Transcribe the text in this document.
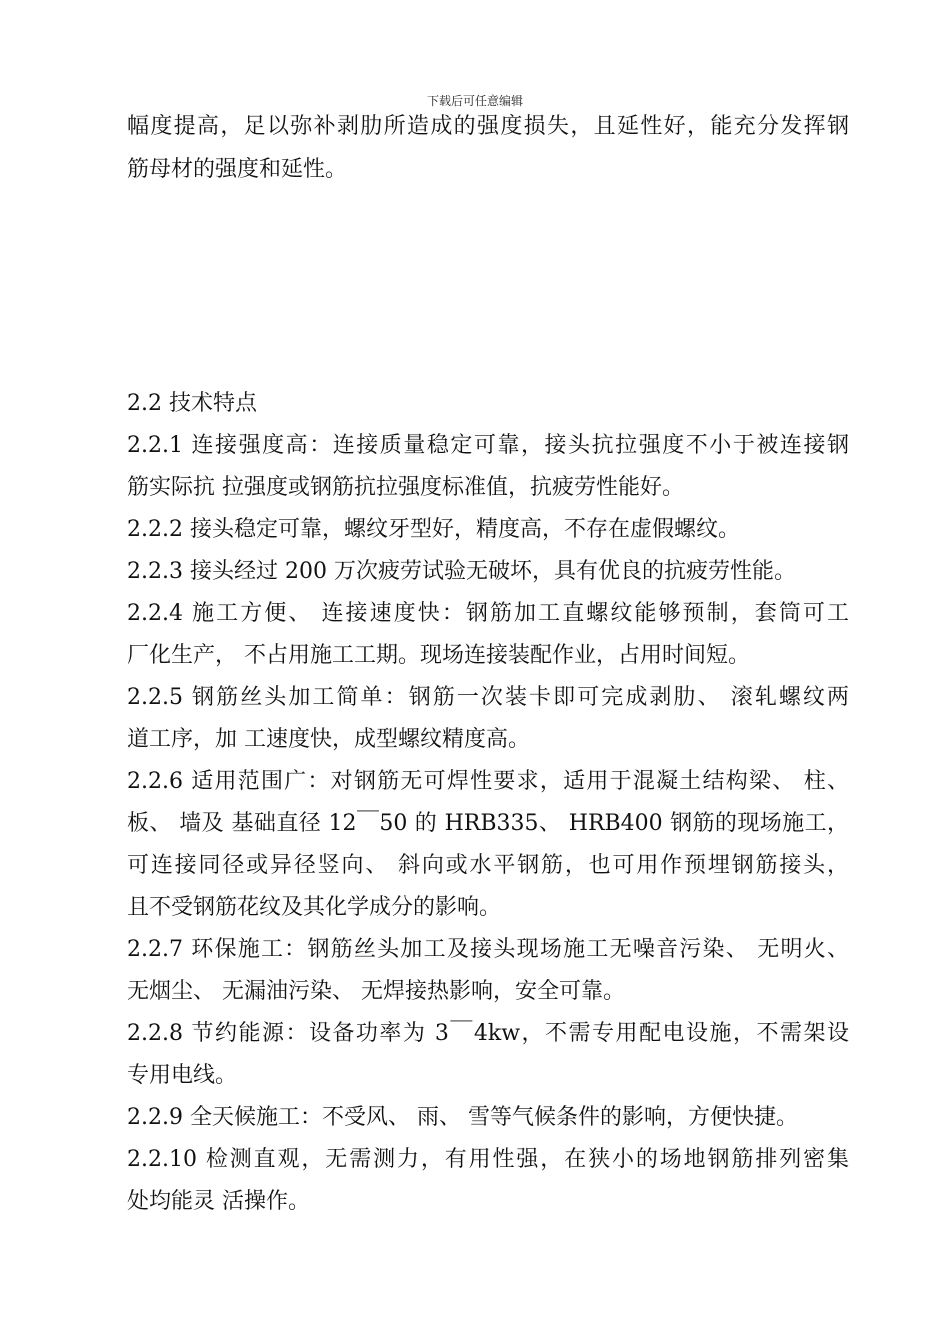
下载后可任意编辑
幅度提高，足以弥补剥肋所造成的强度损失，且延性好，能充分发挥钢
筋母材的强度和延性。
2.2 技术特点
2.2.1 连接强度高：连接质量稳定可靠，接头抗拉强度不小于被连接钢
筋实际抗 拉强度或钢筋抗拉强度标准值，抗疲劳性能好。
2.2.2 接头稳定可靠，螺纹牙型好，精度高，不存在虚假螺纹。
2.2.3 接头经过 200 万次疲劳试验无破坏，具有优良的抗疲劳性能。
2.2.4 施工方便、 连接速度快：钢筋加工直螺纹能够预制，套筒可工
厂化生产， 不占用施工工期。现场连接装配作业，占用时间短。
2.2.5 钢筋丝头加工简单：钢筋一次装卡即可完成剥肋、 滚轧螺纹两
道工序，加 工速度快，成型螺纹精度高。
2.2.6 适用范围广：对钢筋无可焊性要求，适用于混凝土结构梁、 柱、
板、 墙及 基础直径 12￣50 的 HRB335、 HRB400 钢筋的现场施工，
可连接同径或异径竖向、 斜向或水平钢筋，也可用作预埋钢筋接头，
且不受钢筋花纹及其化学成分的影响。
2.2.7 环保施工：钢筋丝头加工及接头现场施工无噪音污染、 无明火、
无烟尘、 无漏油污染、 无焊接热影响，安全可靠。
2.2.8 节约能源：设备功率为 3￣4kw，不需专用配电设施，不需架设
专用电线。
2.2.9 全天候施工：不受风、 雨、 雪等气候条件的影响，方便快捷。
2.2.10 检测直观，无需测力，有用性强，在狭小的场地钢筋排列密集
处均能灵 活操作。
